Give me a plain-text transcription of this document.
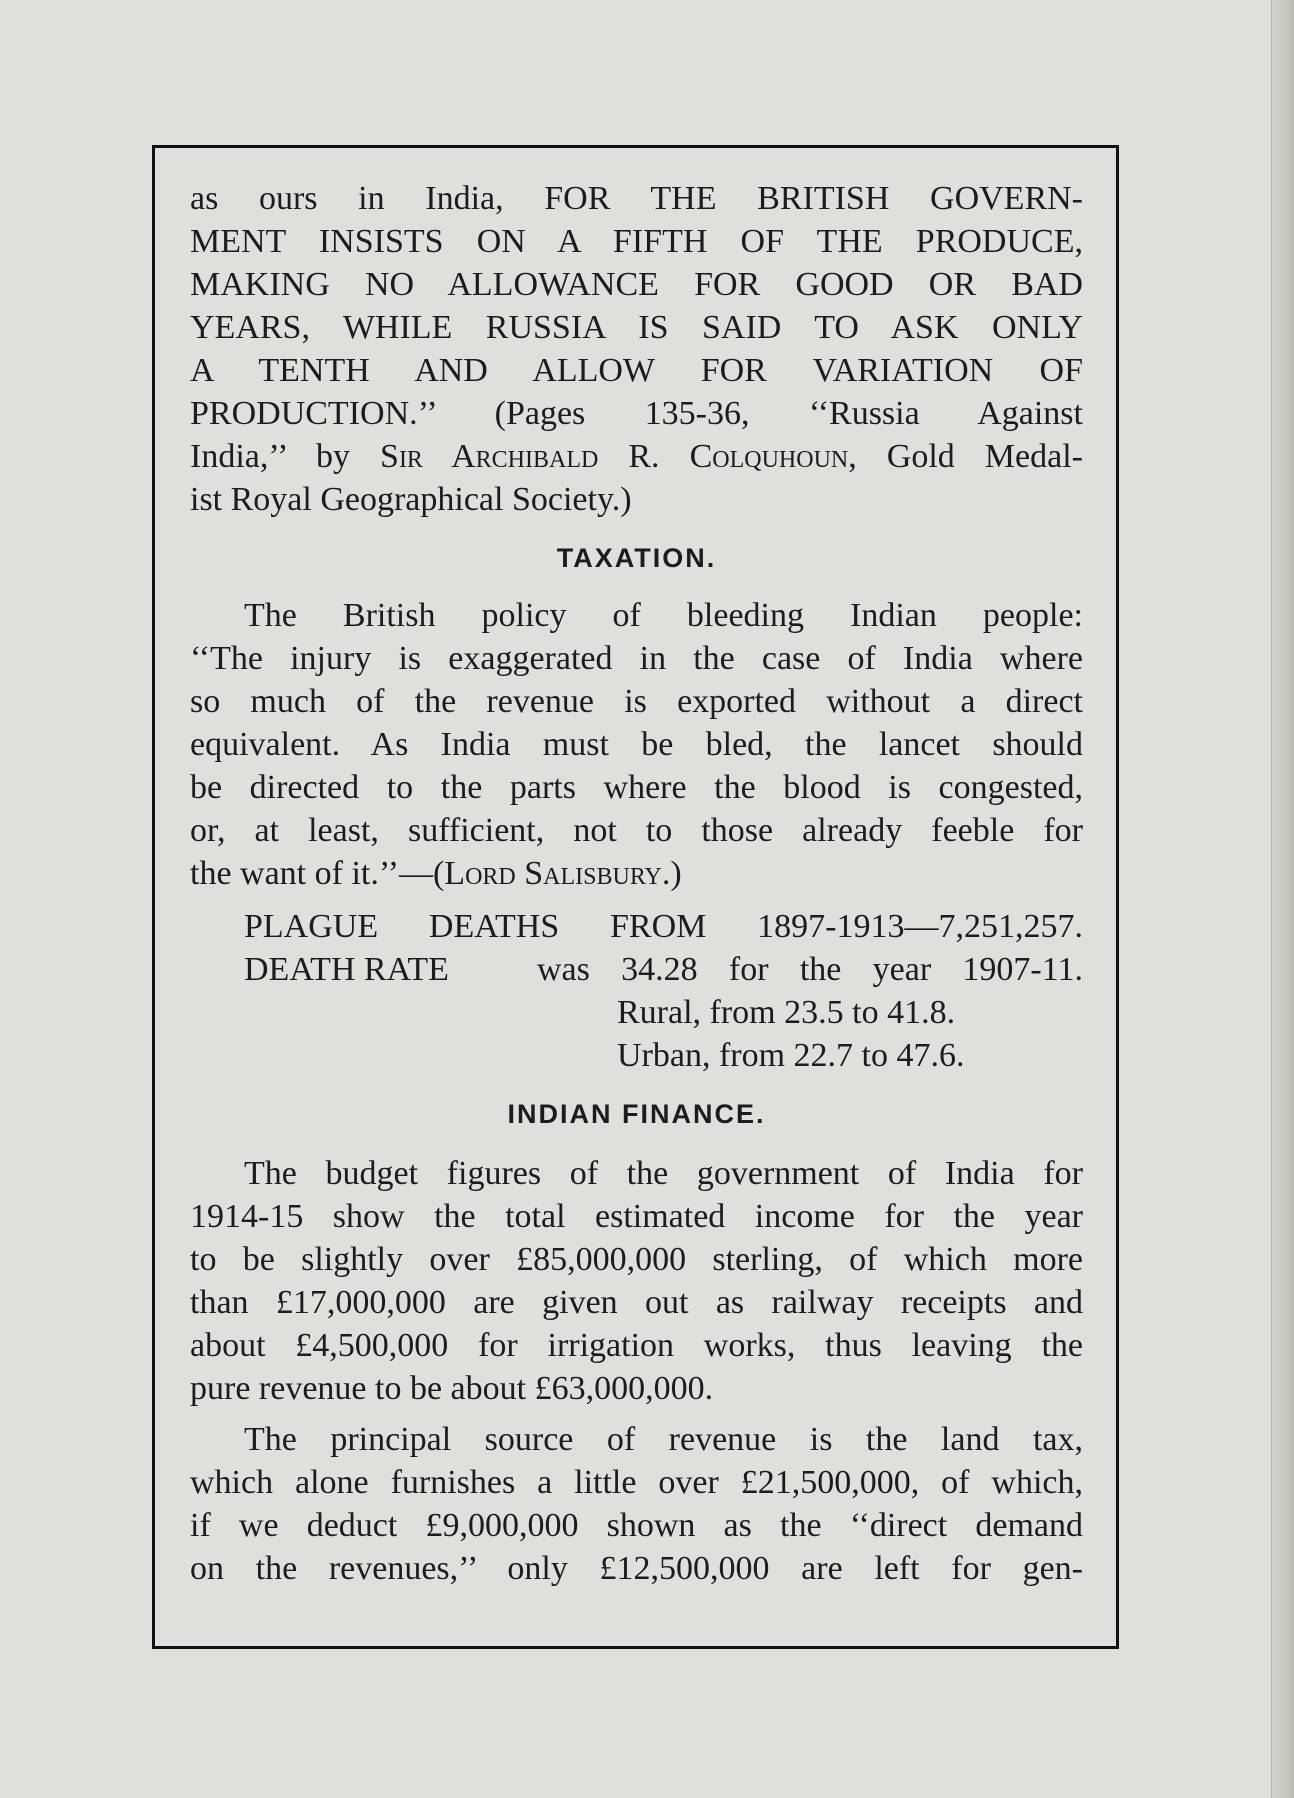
as ours in India, FOR THE BRITISH GOVERN-
MENT INSISTS ON A FIFTH OF THE PRODUCE,
MAKING NO ALLOWANCE FOR GOOD OR BAD
YEARS, WHILE RUSSIA IS SAID TO ASK ONLY
A TENTH AND ALLOW FOR VARIATION OF
PRODUCTION.’’ (Pages 135-36, ‘‘Russia Against
India,’’ by Sir Archibald R. Colquhoun, Gold Medal-
ist Royal Geographical Society.)
TAXATION.
The British policy of bleeding Indian people:
‘‘The injury is exaggerated in the case of India where
so much of the revenue is exported without a direct
equivalent. As India must be bled, the lancet should
be directed to the parts where the blood is congested,
or, at least, sufficient, not to those already feeble for
the want of it.’’—(Lord Salisbury.)
PLAGUE DEATHS FROM 1897-1913—7,251,257.
DEATH RATE	was 34.28 for the year 1907-11.
Rural, from 23.5 to 41.8.
Urban, from 22.7 to 47.6.
INDIAN FINANCE.
The budget figures of the government of India for
1914-15 show the total estimated income for the year
to be slightly over £85,000,000 sterling, of which more
than £17,000,000 are given out as railway receipts and
about £4,500,000 for irrigation works, thus leaving the
pure revenue to be about £63,000,000.
The principal source of revenue is the land tax,
which alone furnishes a little over £21,500,000, of which,
if we deduct £9,000,000 shown as the ‘‘direct demand
on the revenues,’’ only £12,500,000 are left for gen-
